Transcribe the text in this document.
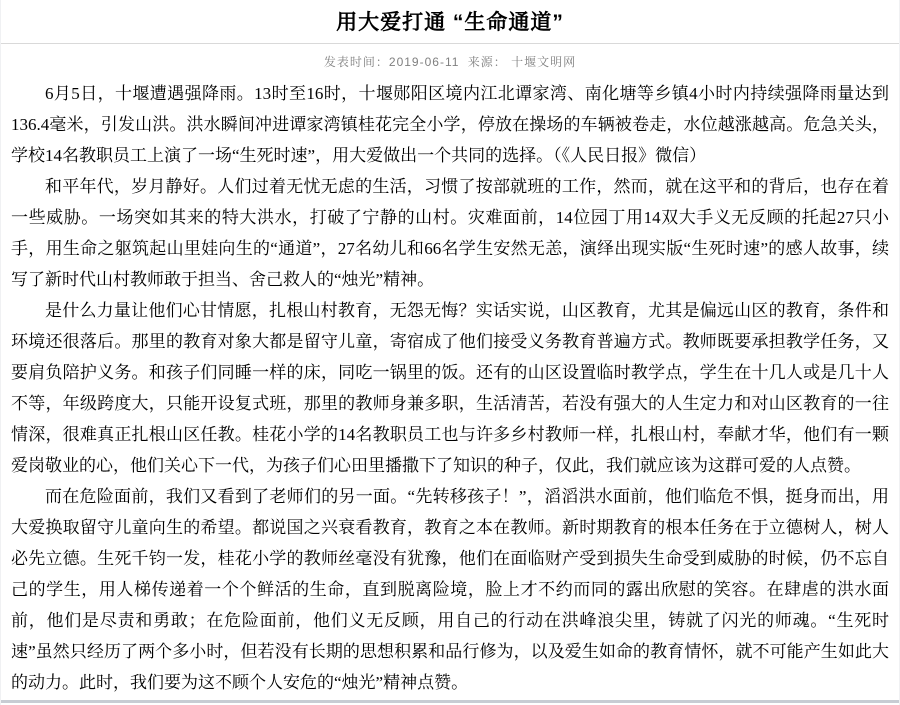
用大爱打通 “生命通道”
发表时间：2019-06-11 来源： 十堰文明网

6月5日，十堰遭遇强降雨。13时至16时，十堰郧阳区境内江北谭家湾、南化塘等乡镇4小时内持续强降雨量达到136.4毫米，引发山洪。洪水瞬间冲进谭家湾镇桂花完全小学，停放在操场的车辆被卷走，水位越涨越高。危急关头，学校14名教职员工上演了一场“生死时速”，用大爱做出一个共同的选择。（《人民日报》微信）

和平年代，岁月静好。人们过着无忧无虑的生活，习惯了按部就班的工作，然而，就在这平和的背后，也存在着一些威胁。一场突如其来的特大洪水，打破了宁静的山村。灾难面前，14位园丁用14双大手义无反顾的托起27只小手，用生命之躯筑起山里娃向生的“通道”，27名幼儿和66名学生安然无恙，演绎出现实版“生死时速”的感人故事，续写了新时代山村教师敢于担当、舍己救人的“烛光”精神。

是什么力量让他们心甘情愿，扎根山村教育，无怨无悔？实话实说，山区教育，尤其是偏远山区的教育，条件和环境还很落后。那里的教育对象大都是留守儿童，寄宿成了他们接受义务教育普遍方式。教师既要承担教学任务，又要肩负陪护义务。和孩子们同睡一样的床，同吃一锅里的饭。还有的山区设置临时教学点，学生在十几人或是几十人不等，年级跨度大，只能开设复式班，那里的教师身兼多职，生活清苦，若没有强大的人生定力和对山区教育的一往情深，很难真正扎根山区任教。桂花小学的14名教职员工也与许多乡村教师一样，扎根山村，奉献才华，他们有一颗爱岗敬业的心，他们关心下一代，为孩子们心田里播撒下了知识的种子，仅此，我们就应该为这群可爱的人点赞。

而在危险面前，我们又看到了老师们的另一面。“先转移孩子！”，滔滔洪水面前，他们临危不惧，挺身而出，用大爱换取留守儿童向生的希望。都说国之兴衰看教育，教育之本在教师。新时期教育的根本任务在于立德树人，树人必先立德。生死千钧一发，桂花小学的教师丝毫没有犹豫，他们在面临财产受到损失生命受到威胁的时候，仍不忘自己的学生，用人梯传递着一个个鲜活的生命，直到脱离险境，脸上才不约而同的露出欣慰的笑容。在肆虐的洪水面前，他们是尽责和勇敢；在危险面前，他们义无反顾，用自己的行动在洪峰浪尖里，铸就了闪光的师魂。“生死时速”虽然只经历了两个多小时，但若没有长期的思想积累和品行修为，以及爱生如命的教育情怀，就不可能产生如此大的动力。此时，我们要为这不顾个人安危的“烛光”精神点赞。
